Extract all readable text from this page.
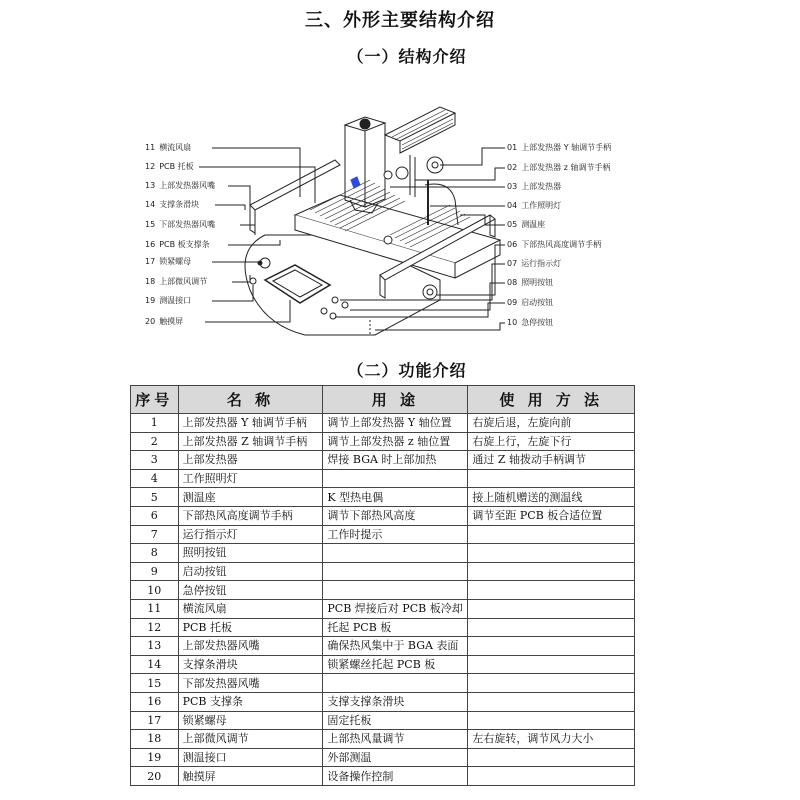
三、外形主要结构介绍
（一）结构介绍
11 横流风扇
12 PCB 托板
13 上部发热器风嘴
14 支撑条滑块
15 下部发热器风嘴
16 PCB 板支撑条
17 锁紧螺母
18 上部微风调节
19 测温接口
20 触摸屏
01 上部发热器 Y 轴调节手柄
02 上部发热器 z 轴调节手柄
03 上部发热器
04 工作照明灯
05 测温座
06 下部热风高度调节手柄
07 运行指示灯
08 照明按钮
09 启动按钮
10 急停按钮
（二）功能介绍
序号	名 称	用 途	使 用 方 法
1	上部发热器 Y 轴调节手柄	调节上部发热器 Y 轴位置	右旋后退，左旋向前
2	上部发热器 Z 轴调节手柄	调节上部发热器 z 轴位置	右旋上行，左旋下行
3	上部发热器	焊接 BGA 时上部加热	通过 Z 轴拨动手柄调节
4	工作照明灯		
5	测温座	K 型热电偶	接上随机赠送的测温线
6	下部热风高度调节手柄	调节下部热风高度	调节至距 PCB 板合适位置
7	运行指示灯	工作时提示	
8	照明按钮		
9	启动按钮		
10	急停按钮		
11	横流风扇	PCB 焊接后对 PCB 板冷却	
12	PCB 托板	托起 PCB 板	
13	上部发热器风嘴	确保热风集中于 BGA 表面	
14	支撑条滑块	锁紧螺丝托起 PCB 板	
15	下部发热器风嘴		
16	PCB 支撑条	支撑支撑条滑块	
17	锁紧螺母	固定托板	
18	上部微风调节	上部热风量调节	左右旋转，调节风力大小
19	测温接口	外部测温	
20	触摸屏	设备操作控制	
